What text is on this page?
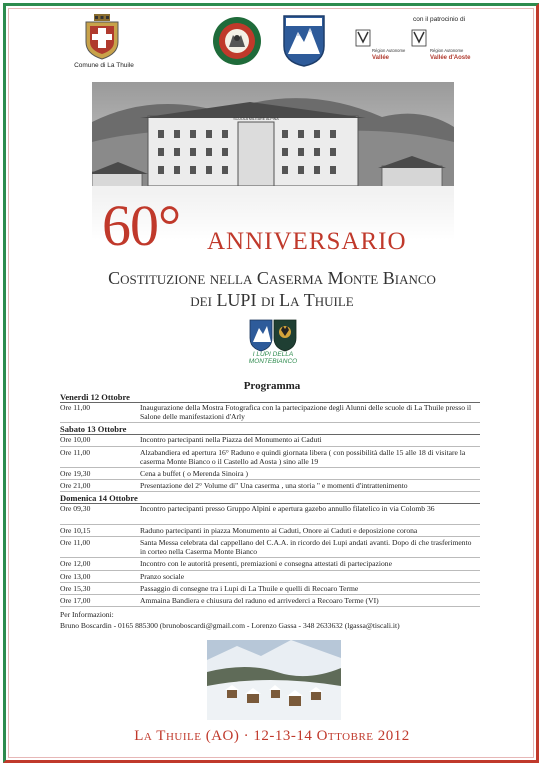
Comune di La Thuile
con il patrocinio di
Région Autonome
Vallée
Région Autonome
Vallée d'Aoste
60° ANNIVERSARIO
Costituzione nella Caserma Monte Bianco
dei LUPI di La Thuile
I LUPI DELLA MONTEBIANCO
Programma
Per Informazioni:
Bruno Boscardin - 0165 885300 (brunoboscardi@gmail.com - Lorenzo Gassa - 348 2633632 (lgassa@tiscali.it)
La Thuile (AO) · 12-13-14 Ottobre 2012
Venerdi 12 Ottobre
Ore 11,00	Inaugurazione della Mostra Fotografica con la partecipazione degli Alunni delle scuole di La Thuile presso il Salone delle manifestazioni d'Arly
Sabato 13 Ottobre
Ore 10,00	Incontro partecipanti nella Piazza del Monumento ai Caduti
Ore 11,00	Alzabandiera ed apertura 16° Raduno e quindi giornata libera ( con possibilità dalle 15 alle 18 di visitare la caserma Monte Bianco o il Castello ad Aosta ) sino alle 19
Ore 19,30	Cena a buffet ( o Merenda Sinoira )
Ore 21,00	Presentazione del 2° Volume di" Una caserma , una storia " e momenti d'intrattenimento
Domenica 14 Ottobre
Ore 09,30	Incontro partecipanti presso Gruppo Alpini e apertura gazebo annullo filatelico in via Colomb 36
Ore 10,15	Raduno partecipanti in piazza Monumento ai Caduti, Onore ai Caduti e deposizione corona
Ore 11,00	Santa Messa celebrata dal cappellano del C.A.A. in ricordo dei Lupi andati avanti. Dopo di che trasferimento in corteo nella Caserma Monte Bianco
Ore 12,00	Incontro con le autorità presenti, premiazioni e consegna attestati di partecipazione
Ore 13,00	Pranzo sociale
Ore 15,30	Passaggio di consegne tra i Lupi di La Thuile e quelli di Recoaro Terme
Ore 17,00	Ammaina Bandiera e chiusura del raduno ed arrivederci a Recoaro Terme (VI)
